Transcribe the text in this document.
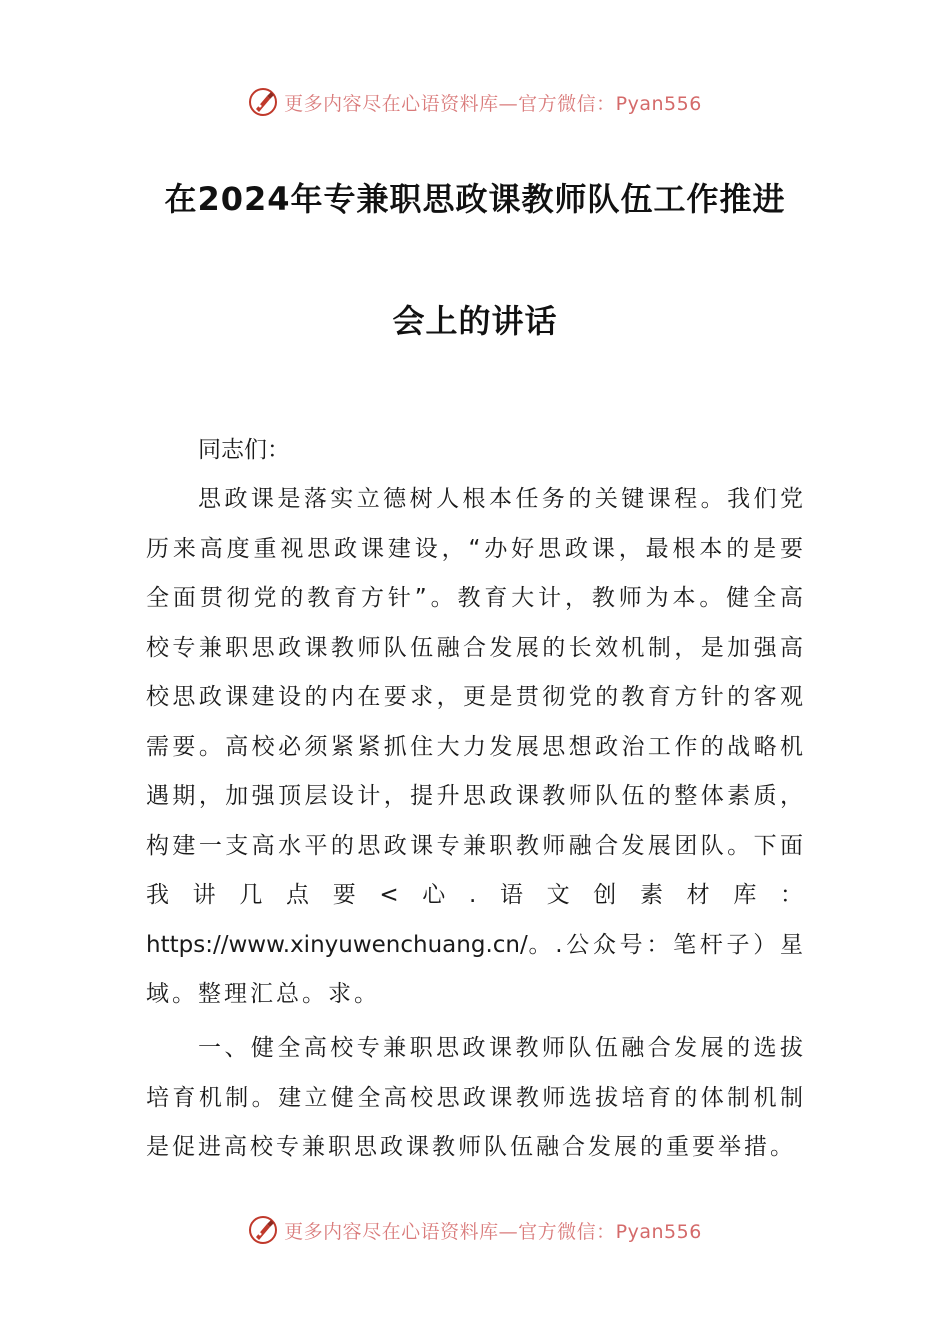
更多内容尽在心语资料库—官方微信：Pyan556
在2024年专兼职思政课教师队伍工作推进
会上的讲话
同志们：

思政课是落实立德树人根本任务的关键课程。我们党历来高度重视思政课建设，“办好思政课，最根本的是要全面贯彻党的教育方针”。教育大计，教师为本。健全高校专兼职思政课教师队伍融合发展的长效机制，是加强高校思政课建设的内在要求，更是贯彻党的教育方针的客观需要。高校必须紧紧抓住大力发展思想政治工作的战略机遇期，加强顶层设计，提升思政课教师队伍的整体素质，构建一支高水平的思政课专兼职教师融合发展团队。下面我讲几点要<心.语文创素材库：https://www.xinyuwenchuang.cn/。.公众号：笔杆子）星域。整理汇总。求。

一、健全高校专兼职思政课教师队伍融合发展的选拔培育机制。建立健全高校思政课教师选拔培育的体制机制是促进高校专兼职思政课教师队伍融合发展的重要举措。

更多内容尽在心语资料库—官方微信：Pyan556
